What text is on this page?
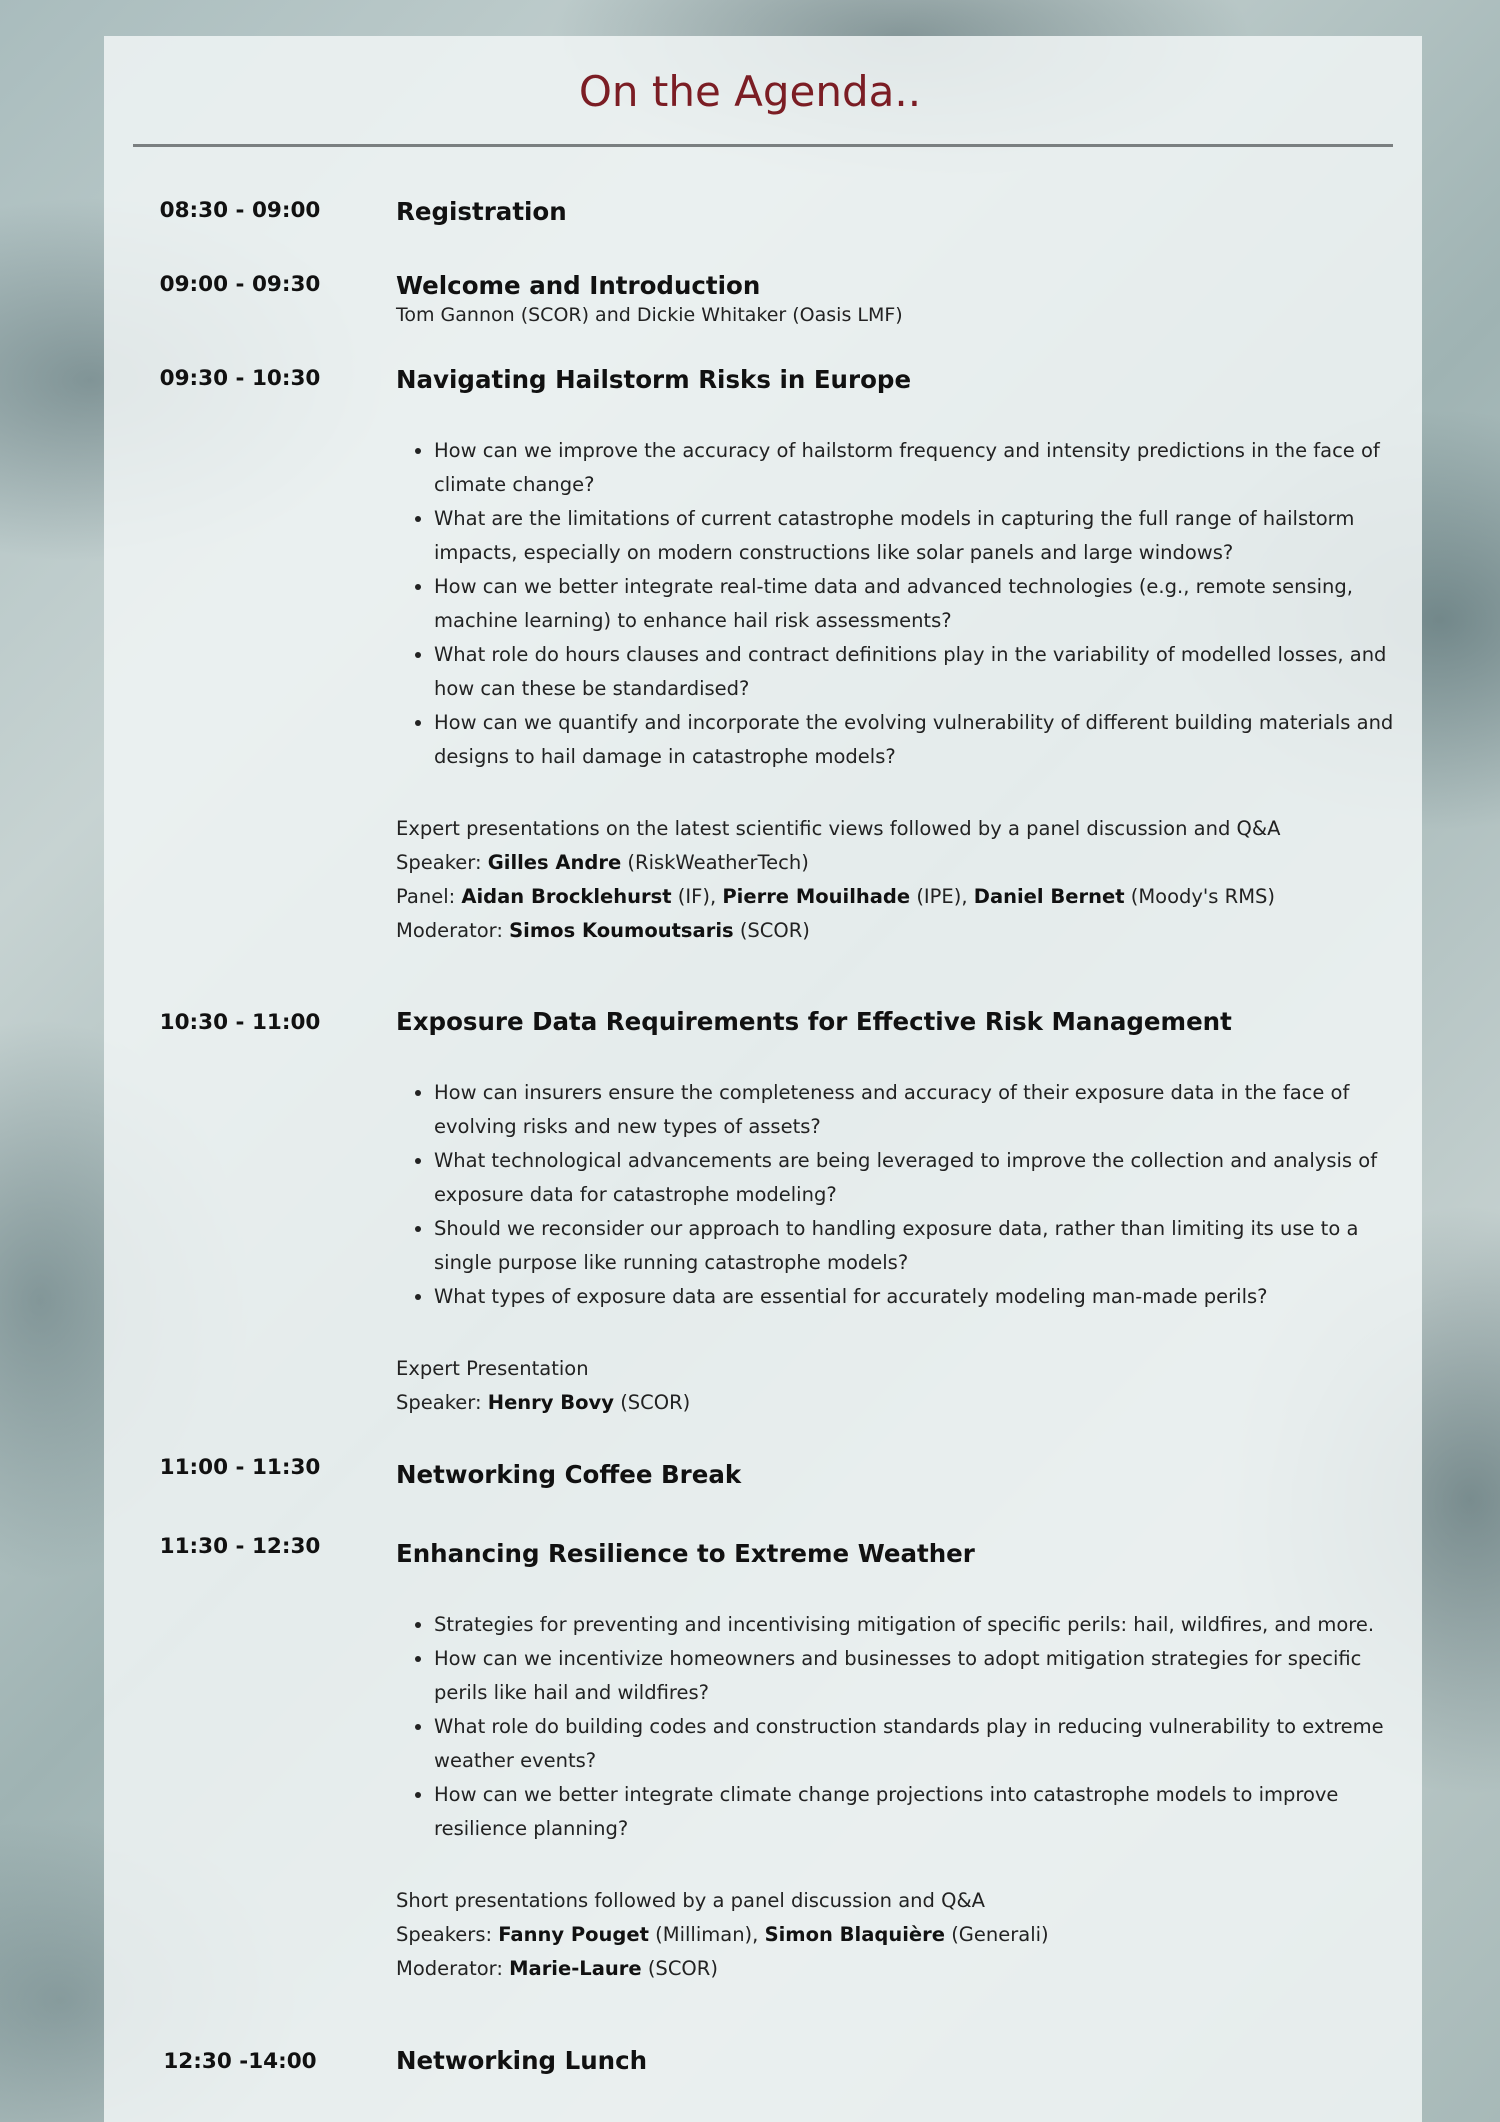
On the Agenda..
08:30 - 09:00	Registration

09:00 - 09:30	Welcome and Introduction

Tom Gannon (SCOR) and Dickie Whitaker (Oasis LMF)

09:30 - 10:30	Navigating Hailstorm Risks in Europe

• How can we improve the accuracy of hailstorm frequency and intensity predictions in the face of climate change?
• What are the limitations of current catastrophe models in capturing the full range of hailstorm impacts, especially on modern constructions like solar panels and large windows?
• How can we better integrate real-time data and advanced technologies (e.g., remote sensing, machine learning) to enhance hail risk assessments?
• What role do hours clauses and contract definitions play in the variability of modelled losses, and how can these be standardised?
• How can we quantify and incorporate the evolving vulnerability of different building materials and designs to hail damage in catastrophe models?
Expert presentations on the latest scientific views followed by a panel discussion and Q&A
Speaker: Gilles Andre (RiskWeatherTech)
Panel: Aidan Brocklehurst (IF), Pierre Mouilhade (IPE), Daniel Bernet (Moody's RMS)
Moderator: Simos Koumoutsaris (SCOR)
10:30 - 11:00	Exposure Data Requirements for Effective Risk Management

• How can insurers ensure the completeness and accuracy of their exposure data in the face of evolving risks and new types of assets?
• What technological advancements are being leveraged to improve the collection and analysis of exposure data for catastrophe modeling?
• Should we reconsider our approach to handling exposure data, rather than limiting its use to a single purpose like running catastrophe models?
• What types of exposure data are essential for accurately modeling man-made perils?
Expert Presentation
Speaker: Henry Bovy (SCOR)
11:00 - 11:30	Networking Coffee Break

11:30 - 12:30	Enhancing Resilience to Extreme Weather

• Strategies for preventing and incentivising mitigation of specific perils: hail, wildfires, and more.
• How can we incentivize homeowners and businesses to adopt mitigation strategies for specific perils like hail and wildfires?
• What role do building codes and construction standards play in reducing vulnerability to extreme weather events?
• How can we better integrate climate change projections into catastrophe models to improve resilience planning?
Short presentations followed by a panel discussion and Q&A
Speakers: Fanny Pouget (Milliman), Simon Blaquière (Generali)
Moderator: Marie-Laure (SCOR)
12:30 -14:00	Networking Lunch
